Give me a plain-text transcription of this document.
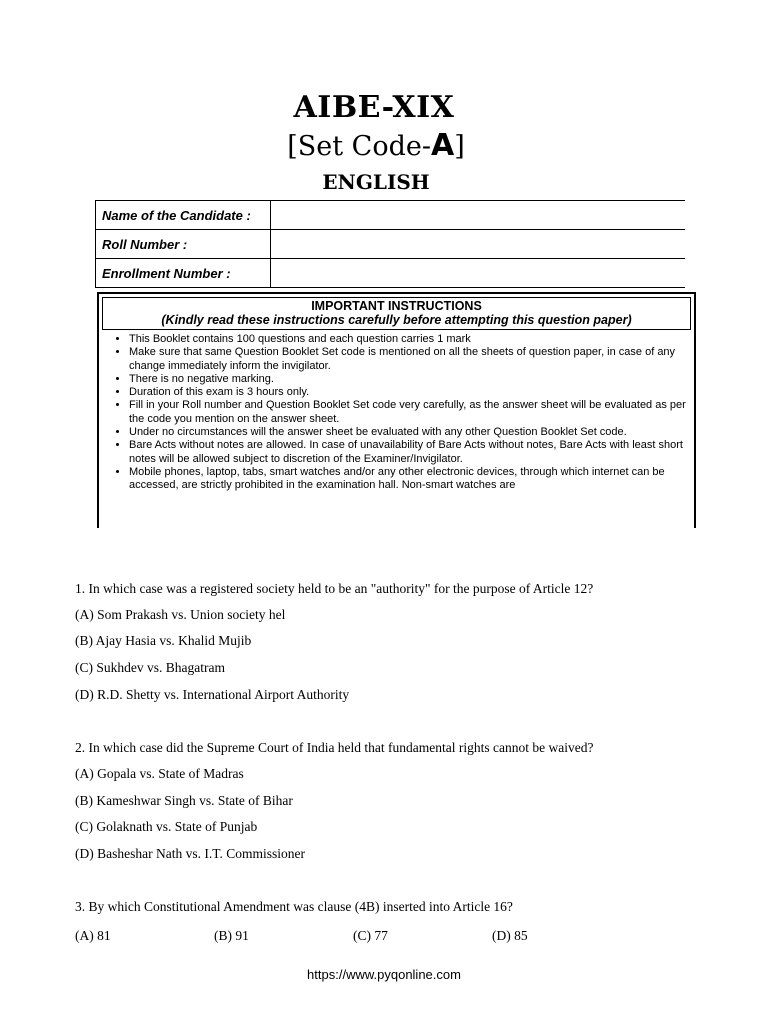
AIBE-XIX
[Set Code-A]
ENGLISH
Name of the Candidate :	
Roll Number :	
Enrollment Number :	
IMPORTANT INSTRUCTIONS
(Kindly read these instructions carefully before attempting this question paper)
• This Booklet contains 100 questions and each question carries 1 mark
• Make sure that same Question Booklet Set code is mentioned on all the sheets of question paper, in case of any change immediately inform the invigilator.
• There is no negative marking.
• Duration of this exam is 3 hours only.
• Fill in your Roll number and Question Booklet Set code very carefully, as the answer sheet will be evaluated as per the code you mention on the answer sheet.
• Under no circumstances will the answer sheet be evaluated with any other Question Booklet Set code.
• Bare Acts without notes are allowed. In case of unavailability of Bare Acts without notes, Bare Acts with least short notes will be allowed subject to discretion of the Examiner/Invigilator.
• Mobile phones, laptop, tabs, smart watches and/or any other electronic devices, through which internet can be accessed, are strictly prohibited in the examination hall. Non-smart watches are
1. In which case was a registered society held to be an "authority" for the purpose of Article 12?
(A) Som Prakash vs. Union society hel
(B) Ajay Hasia vs. Khalid Mujib
(C) Sukhdev vs. Bhagatram
(D) R.D. Shetty vs. International Airport Authority
2. In which case did the Supreme Court of India held that fundamental rights cannot be waived?
(A) Gopala vs. State of Madras
(B) Kameshwar Singh vs. State of Bihar
(C) Golaknath vs. State of Punjab
(D) Basheshar Nath vs. I.T. Commissioner
3. By which Constitutional Amendment was clause (4B) inserted into Article 16?
(A) 81	(B) 91	(C) 77	(D) 85
https://www.pyqonline.com
